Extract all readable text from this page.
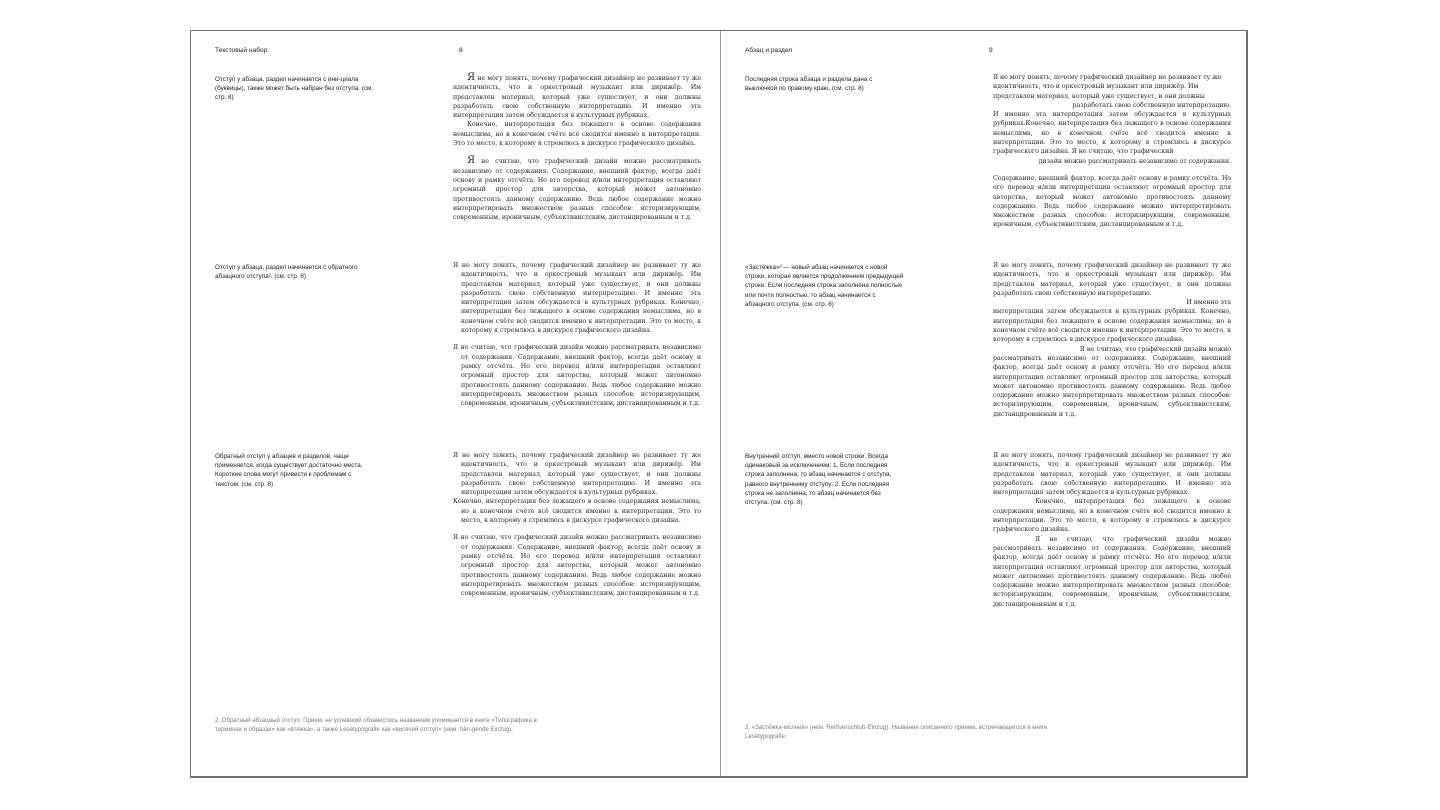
Текстовый набор	8
Отступ у абзаца, раздел начинается с ини-циала (буквицы), также может быть набран без отступа. (см. стр. 8)

Я не могу понять, почему графический дизайнер не развивает ту же идентичность, что и оркестровый музыкант или дирижёр. Им представлен материал, который уже существует, и они должны разработать свою собственную интерпретацию. И именно эта интерпретация затем обсуждается в культурных рубриках.

Конечно, интерпретация без лежащего в основе содержания немыслима, но в конечном счёте всё сводится именно к интерпретации. Это то место, к которому я стремлюсь в дискурсе графического дизайна.

Я не считаю, что графический дизайн можно рассматривать независимо от содержания. Содержание, внешний фактор, всегда даёт основу и рамку отсчёта. Но его перевод и/или интерпретация оставляют огромный простор для авторства, который может автономно противостоять данному содержанию. Ведь любое содержание можно интерпретировать множеством разных способов: историзирующим, современным, ироничным, субъективистским, дистанцированным и т.д.

Отступ у абзаца, раздел начинается с обратного абзацного отступа². (см. стр. 8)

Я не могу понять, почему графический дизайнер не развивает ту же идентичность, что и оркестровый музыкант или дирижёр. Им представлен материал, который уже существует, и они должны разработать свою собственную интерпретацию. И именно эта интерпретация затем обсуждается в культурных рубриках. Конечно, интерпретация без лежащего в основе содержания немыслима, но в конечном счёте всё сводится именно к интерпретации. Это то место, к которому я стремлюсь в дискурсе графического дизайна.

Я не считаю, что графический дизайн можно рассматривать независимо от содержания. Содержание, внешний фактор, всегда даёт основу и рамку отсчёта. Но его перевод и/или интерпретация оставляют огромный простор для авторства, который может автономно противостоять данному содержанию. Ведь любое содержание можно интерпретировать множеством разных способов: историзирующим, современным, ироничным, субъективистским, дистанцированным и т.д.

Обратный отступ у абзацев и разделов, чаще применяется, когда существует достаточно места. Короткие слова могут привести к проблемам с текстом. (см. стр. 8)

Я не могу понять, почему графический дизайнер не развивает ту же идентичность, что и оркестровый музыкант или дирижёр. Им представлен материал, который уже существует, и они должны разработать свою собственную интерпретацию. И именно эта интерпретация затем обсуждается в культурных рубриках.

Конечно, интерпретация без лежащего в основе содержания немыслима, но в конечном счёте всё сводится именно к интерпретации. Это то место, к которому я стремлюсь в дискурсе графического дизайна.

Я не считаю, что графический дизайн можно рассматривать независимо от содержания. Содержание, внешний фактор, всегда даёт основу и рамку отсчёта. Но его перевод и/или интерпретация оставляют огромный простор для авторства, который может автономно противостоять данному содержанию. Ведь любое содержание можно интерпретировать множеством разных способов: историзирующим, современным, ироничным, субъективистским, дистанцированным и т.д.

2. Обратный абзацный отступ. Прием, не успевший обзавестись названием упоминается в книге «Типографика в терминах и образах» как «втяжка», а также Lesetypografie как «висячий отступ» (нем. hän-gende Einzug).
Абзац и раздел	9
Последняя строка абзаца и раздела дана с выключкой по правому краю. (см. стр. 8)

Я не могу понять, почему графический дизайнер не развивает ту же идентичность, что и оркестровый музыкант или дирижёр. Им представлен материал, который уже существует, и они должны

разработать свою собственную интерпретацию.

И именно эта интерпретация затем обсуждается в культурных рубриках.Конечно, интерпретация без лежащего в основе содержания немыслима, но в конечном счёте всё сводится именно к интерпретации. Это то место, к которому я стремлюсь в дискурсе графического дизайна. Я не считаю, что графический

дизайн можно рассматривать независимо от содержания.

Содержание, внешний фактор, всегда даёт основу и рамку отсчёта. Но его перевод и/или интерпретация оставляют огромный простор для авторства, который может автономно противостоять данному содержанию. Ведь любое содержание можно интерпретировать множеством разных способов: историзирующим, современным, ироничным, субъективистским, дистанцированным и т.д.

«Застёжка»³ — новый абзац начинается с новой строки, которая является продолжением предыдущей строки. Если последняя строка заполнена полностью или почти полностью, то абзац начинается с абзацного отступа. (см. стр. 8)

Я не могу понять, почему графический дизайнер не развивает ту же идентичность, что и оркестровый музыкант или дирижёр. Им представлен материал, который уже существует, и они должны разработать свою собственную интерпретацию.

И именно эта

интерпретация затем обсуждается в культурных рубриках. Конечно, интерпретация без лежащего в основе содержания немыслима, но в конечном счёте всё сводится именно к интерпретации. Это то место, к которому я стремлюсь в дискурсе графического дизайна.

Я не считаю, что графический дизайн можно

рассматривать независимо от содержания. Содержание, внешний фактор, всегда даёт основу и рамку отсчёта. Но его перевод и/или интерпретация оставляют огромный простор для авторства, который может автономно противостоять данному содержанию. Ведь любое содержание можно интерпретировать множеством разных способов: историзирующим, современным, ироничным, субъективистским, дистанцированным и т.д.

Внутренний отступ, вместо новой строки. Всегда одинаковый за исключением: 1. Если последняя строка заполнена, то абзац начинается с отступа, равного внутреннему отступу; 2. Если последняя строка не заполнена, то абзац начинается без отступа. (см. стр. 8)

Я не могу понять, почему графический дизайнер не развивает ту же идентичность, что и оркестровый музыкант или дирижёр. Им представлен материал, который уже существует, и они должны разработать свою собственную интерпретацию. И именно эта интерпретация затем обсуждается в культурных рубриках.

Конечно, интерпретация без лежащего в основе содержания немыслима, но в конечном счёте всё сводится именно к интерпретации. Это то место, к которому я стремлюсь в дискурсе графического дизайна.

Я не считаю, что графический дизайн можно рассматривать независимо от содержания. Содержание, внешний фактор, всегда даёт основу и рамку отсчёта. Но его перевод и/или интерпретация оставляют огромный простор для авторства, который может автономно противостоять данному содержанию. Ведь любое содержание можно интерпретировать множеством разных способов: историзирующим, современным, ироничным, субъективистским, дистанцированным и т.д.

3. «Застёжка-молния» (нем. Reißverschluß-Einzug). Название описанного приема, встречающегося в книге Lesetypografie.
